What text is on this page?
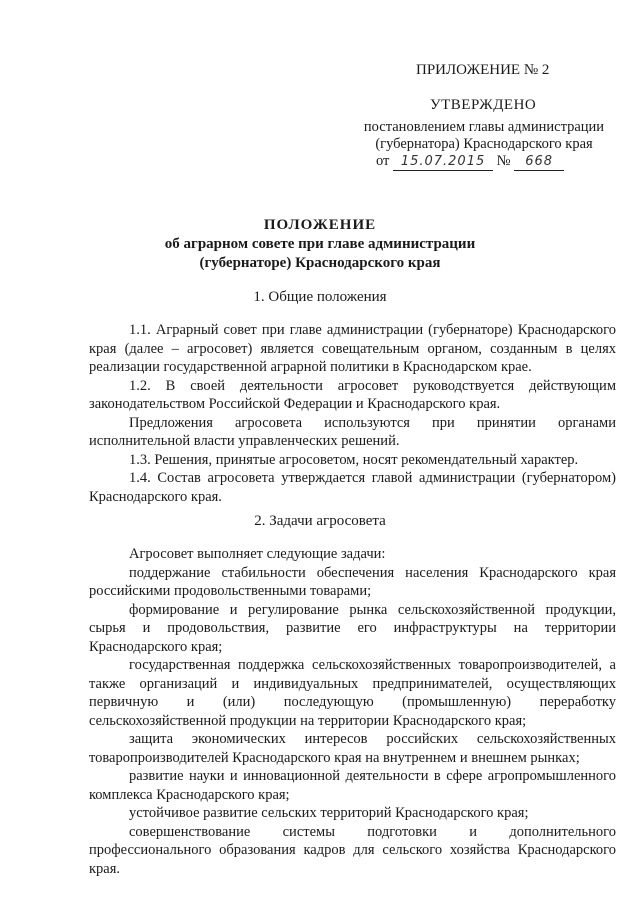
ПРИЛОЖЕНИЕ № 2
УТВЕРЖДЕНО
постановлением главы администрации (губернатора) Краснодарского края
от 15.07.2015 № 668
ПОЛОЖЕНИЕ
об аграрном совете при главе администрации
(губернаторе) Краснодарского края
1. Общие положения

1.1. Аграрный совет при главе администрации (губернаторе) Краснодарского края (далее – агросовет) является совещательным органом, созданным в целях реализации государственной аграрной политики в Краснодарском крае.

1.2. В своей деятельности агросовет руководствуется действующим законодательством Российской Федерации и Краснодарского края.

Предложения агросовета используются при принятии органами исполнительной власти управленческих решений.

1.3. Решения, принятые агросоветом, носят рекомендательный характер.

1.4. Состав агросовета утверждается главой администрации (губернатором) Краснодарского края.

2. Задачи агросовета

Агросовет выполняет следующие задачи:

поддержание стабильности обеспечения населения Краснодарского края российскими продовольственными товарами;

формирование и регулирование рынка сельскохозяйственной продукции, сырья и продовольствия, развитие его инфраструктуры на территории Краснодарского края;

государственная поддержка сельскохозяйственных товаропроизводителей, а также организаций и индивидуальных предпринимателей, осуществляющих первичную и (или) последующую (промышленную) переработку сельскохозяйственной продукции на территории Краснодарского края;

защита экономических интересов российских сельскохозяйственных товаропроизводителей Краснодарского края на внутреннем и внешнем рынках;

развитие науки и инновационной деятельности в сфере агропромышленного комплекса Краснодарского края;

устойчивое развитие сельских территорий Краснодарского края;

совершенствование системы подготовки и дополнительного профессионального образования кадров для сельского хозяйства Краснодарского края.
